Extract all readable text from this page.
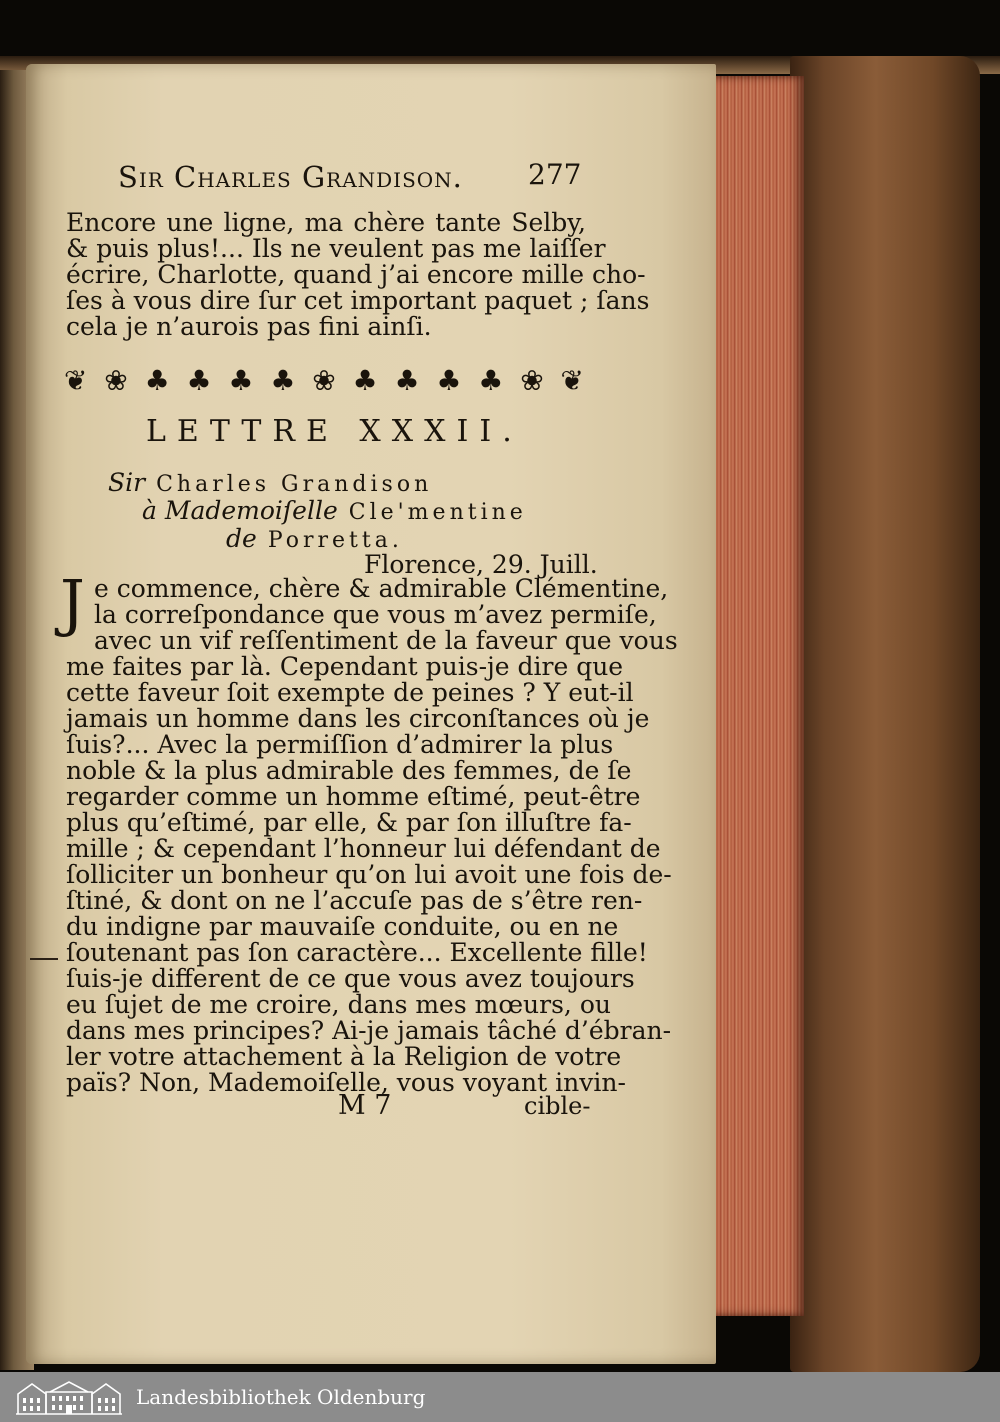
Sir Charles Grandison. 277
Encore une ligne, ma chère tante Selby,
& puis plus!... Ils ne veulent pas me laiſſer
écrire, Charlotte, quand j’ai encore mille cho-
ſes à vous dire ſur cet important paquet ; ſans
cela je n’aurois pas fini ainſi.
❦ ❀ ♣ ♣ ♣ ♣ ❀ ♣ ♣ ♣ ♣ ❀ ❦
LETTRE XXXII.
Sir Charles Grandison
à Mademoiſelle Cle'mentine
de Porretta.
Florence, 29. Juill.
J e commence, chère & admirable Clémentine,
la correſpondance que vous m’avez permiſe,
avec un vif reſſentiment de la faveur que vous
me faites par là. Cependant puis-je dire que
cette faveur ſoit exempte de peines ? Y eut-il
jamais un homme dans les circonſtances où je
ſuis?... Avec la permiſſion d’admirer la plus
noble & la plus admirable des femmes, de ſe
regarder comme un homme eſtimé, peut-être
plus qu’eſtimé, par elle, & par ſon illuſtre fa-
mille ; & cependant l’honneur lui défendant de
ſolliciter un bonheur qu’on lui avoit une fois de-
ſtiné, & dont on ne l’accuſe pas de s’être ren-
du indigne par mauvaiſe conduite, ou en ne
ſoutenant pas ſon caractère... Excellente fille!
ſuis-je different de ce que vous avez toujours
eu ſujet de me croire, dans mes mœurs, ou
dans mes principes? Ai-je jamais tâché d’ébran-
ler votre attachement à la Religion de votre
païs? Non, Mademoiſelle, vous voyant invin-
M 7	cible-
Landesbibliothek Oldenburg
